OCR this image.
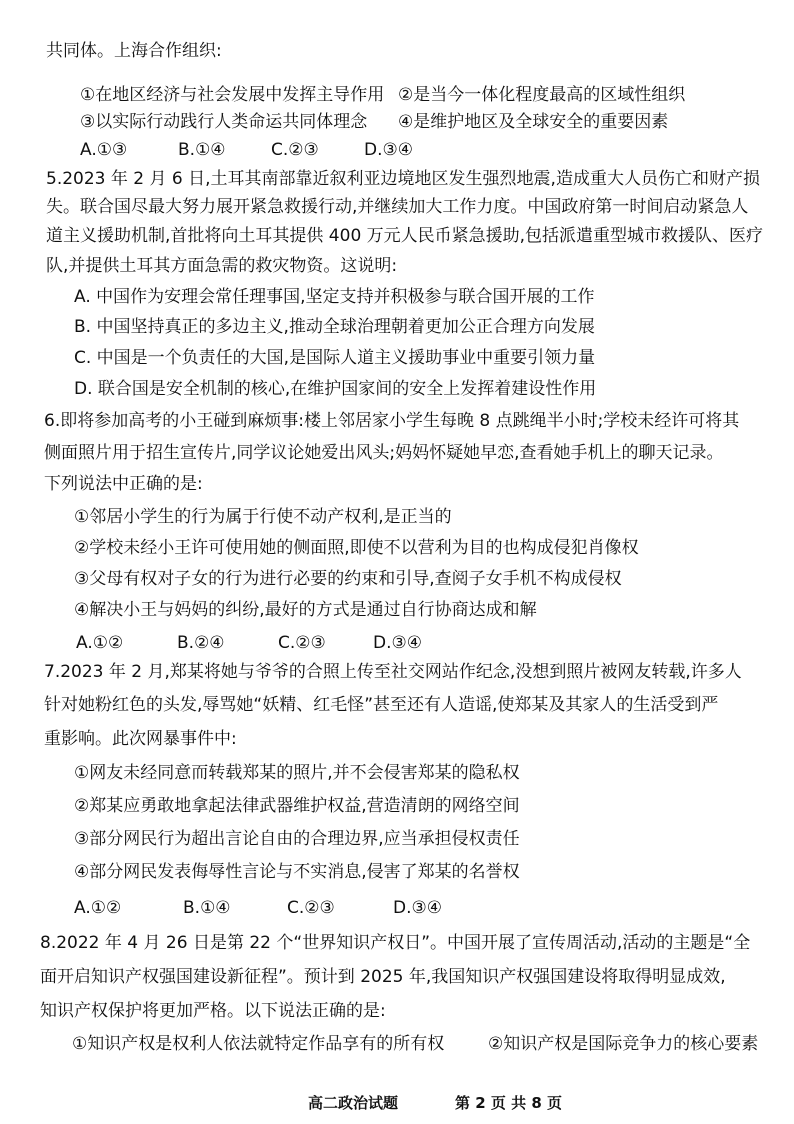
共同体。上海合作组织:
①在地区经济与社会发展中发挥主导作用 ②是当今一体化程度最高的区域性组织
③以实际行动践行人类命运共同体理念 ④是维护地区及全球安全的重要因素
A.①③	B.①④	C.②③	D.③④
5.2023 年 2 月 6 日,土耳其南部靠近叙利亚边境地区发生强烈地震,造成重大人员伤亡和财产损
失。联合国尽最大努力展开紧急救援行动,并继续加大工作力度。中国政府第一时间启动紧急人
道主义援助机制,首批将向土耳其提供 400 万元人民币紧急援助,包括派遣重型城市救援队、医疗
队,并提供土耳其方面急需的救灾物资。这说明:
A. 中国作为安理会常任理事国,坚定支持并积极参与联合国开展的工作
B. 中国坚持真正的多边主义,推动全球治理朝着更加公正合理方向发展
C. 中国是一个负责任的大国,是国际人道主义援助事业中重要引领力量
D. 联合国是安全机制的核心,在维护国家间的安全上发挥着建设性作用
6.即将参加高考的小王碰到麻烦事:楼上邻居家小学生每晚 8 点跳绳半小时;学校未经许可将其
侧面照片用于招生宣传片,同学议论她爱出风头;妈妈怀疑她早恋,查看她手机上的聊天记录。
下列说法中正确的是:
①邻居小学生的行为属于行使不动产权利,是正当的
②学校未经小王许可使用她的侧面照,即使不以营利为目的也构成侵犯肖像权
③父母有权对子女的行为进行必要的约束和引导,查阅子女手机不构成侵权
④解决小王与妈妈的纠纷,最好的方式是通过自行协商达成和解
A.①②	B.②④	C.②③	D.③④
7.2023 年 2 月,郑某将她与爷爷的合照上传至社交网站作纪念,没想到照片被网友转载,许多人
针对她粉红色的头发,辱骂她“妖精、红毛怪”甚至还有人造谣,使郑某及其家人的生活受到严
重影响。此次网暴事件中:
①网友未经同意而转载郑某的照片,并不会侵害郑某的隐私权
②郑某应勇敢地拿起法律武器维护权益,营造清朗的网络空间
③部分网民行为超出言论自由的合理边界,应当承担侵权责任
④部分网民发表侮辱性言论与不实消息,侵害了郑某的名誉权
A.①②	B.①④	C.②③	D.③④
8.2022 年 4 月 26 日是第 22 个“世界知识产权日”。中国开展了宣传周活动,活动的主题是“全
面开启知识产权强国建设新征程”。预计到 2025 年,我国知识产权强国建设将取得明显成效,
知识产权保护将更加严格。以下说法正确的是:
①知识产权是权利人依法就特定作品享有的所有权	②知识产权是国际竞争力的核心要素
高二政治试题	第 2 页 共 8 页
